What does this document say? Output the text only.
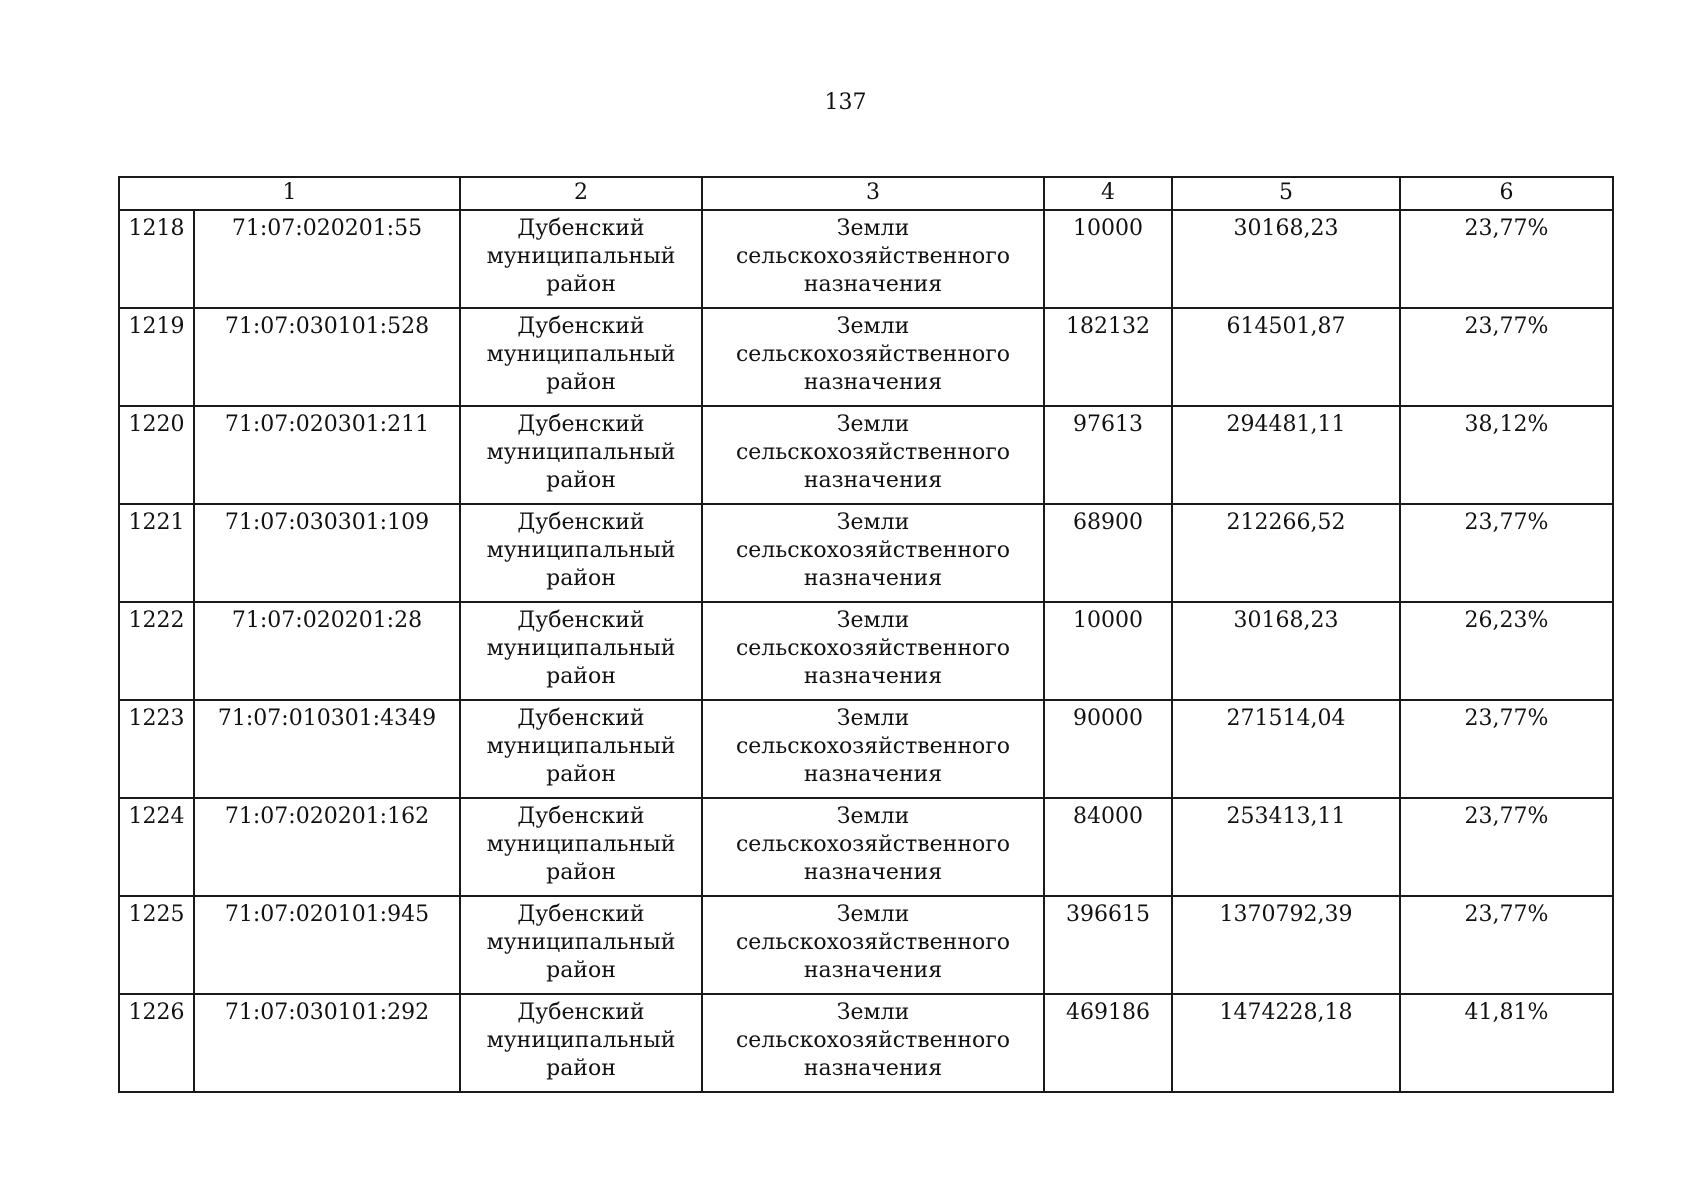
137
1		2	3	4	5	6
1218	71:07:020201:55	Дубенский
муниципальный
район	Земли сельскохозяйственного
назначения	10000	30168,23	23,77%
1219	71:07:030101:528	Дубенский
муниципальный
район	Земли сельскохозяйственного
назначения	182132	614501,87	23,77%
1220	71:07:020301:211	Дубенский
муниципальный
район	Земли сельскохозяйственного
назначения	97613	294481,11	38,12%
1221	71:07:030301:109	Дубенский
муниципальный
район	Земли сельскохозяйственного
назначения	68900	212266,52	23,77%
1222	71:07:020201:28	Дубенский
муниципальный
район	Земли сельскохозяйственного
назначения	10000	30168,23	26,23%
1223	71:07:010301:4349	Дубенский
муниципальный
район	Земли сельскохозяйственного
назначения	90000	271514,04	23,77%
1224	71:07:020201:162	Дубенский
муниципальный
район	Земли сельскохозяйственного
назначения	84000	253413,11	23,77%
1225	71:07:020101:945	Дубенский
муниципальный
район	Земли сельскохозяйственного
назначения	396615	1370792,39	23,77%
1226	71:07:030101:292	Дубенский
муниципальный
район	Земли сельскохозяйственного
назначения	469186	1474228,18	41,81%
